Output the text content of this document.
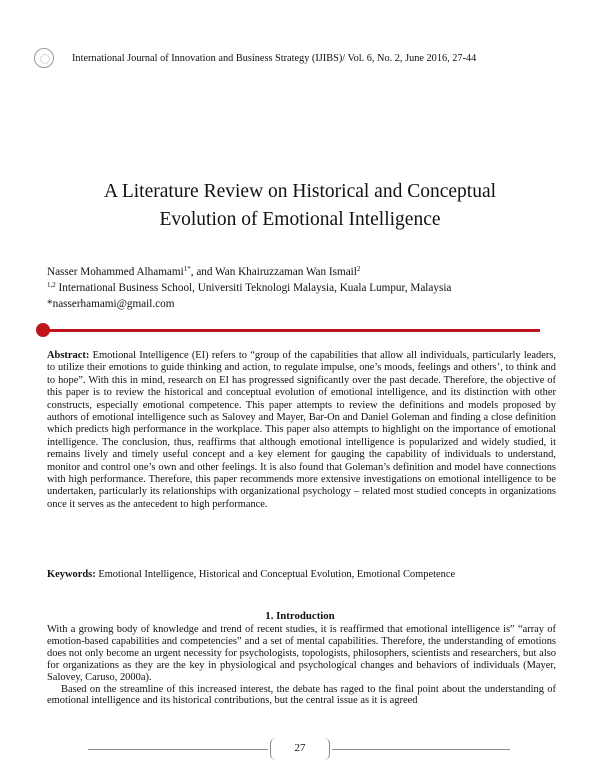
International Journal of Innovation and Business Strategy (IJIBS)/ Vol. 6, No. 2, June 2016, 27-44
A Literature Review on Historical and Conceptual
Evolution of Emotional Intelligence
Nasser Mohammed Alhamami$^{1*}$, and Wan Khairuzzaman Wan Ismail$^2$
$^{1,2}$ International Business School, Universiti Teknologi Malaysia, Kuala Lumpur, Malaysia
*nasserhamami@gmail.com
Abstract: Emotional Intelligence (EI) refers to “group of the capabilities that allow all individuals, particularly leaders, to utilize their emotions to guide thinking and action, to regulate impulse, one’s moods, feelings and others’, to think and to hope”. With this in mind, research on EI has progressed significantly over the past decade. Therefore, the objective of this paper is to review the historical and conceptual evolution of emotional intelligence, and its distinction with other constructs, especially emotional competence. This paper attempts to review the definitions and models proposed by authors of emotional intelligence such as Salovey and Mayer, Bar-On and Daniel Goleman and finding a close definition which predicts high performance in the workplace. This paper also attempts to highlight on the importance of emotional intelligence. The conclusion, thus, reaffirms that although emotional intelligence is popularized and widely studied, it remains lively and timely useful concept and a key element for gauging the capability of individuals to understand, monitor and control one’s own and other feelings. It is also found that Goleman’s definition and model have connections with high performance. Therefore, this paper recommends more extensive investigations on emotional intelligence to be undertaken, particularly its relationships with organizational psychology – related most studied concepts in organizations once it serves as the antecedent to high performance.
Keywords: Emotional Intelligence, Historical and Conceptual Evolution, Emotional Competence
1. Introduction

With a growing body of knowledge and trend of recent studies, it is reaffirmed that emotional intelligence is” “array of emotion-based capabilities and competencies” and a set of mental capabilities. Therefore, the understanding of emotions does not only become an urgent necessity for psychologists, topologists, philosophers, scientists and researchers, but also for organizations as they are the key in physiological and psychological changes and behaviors of individuals (Mayer, Salovey, Caruso, 2000a).

Based on the streamline of this increased interest, the debate has raged to the final point about the understanding of emotional intelligence and its historical contributions, but the central issue as it is agreed

27
